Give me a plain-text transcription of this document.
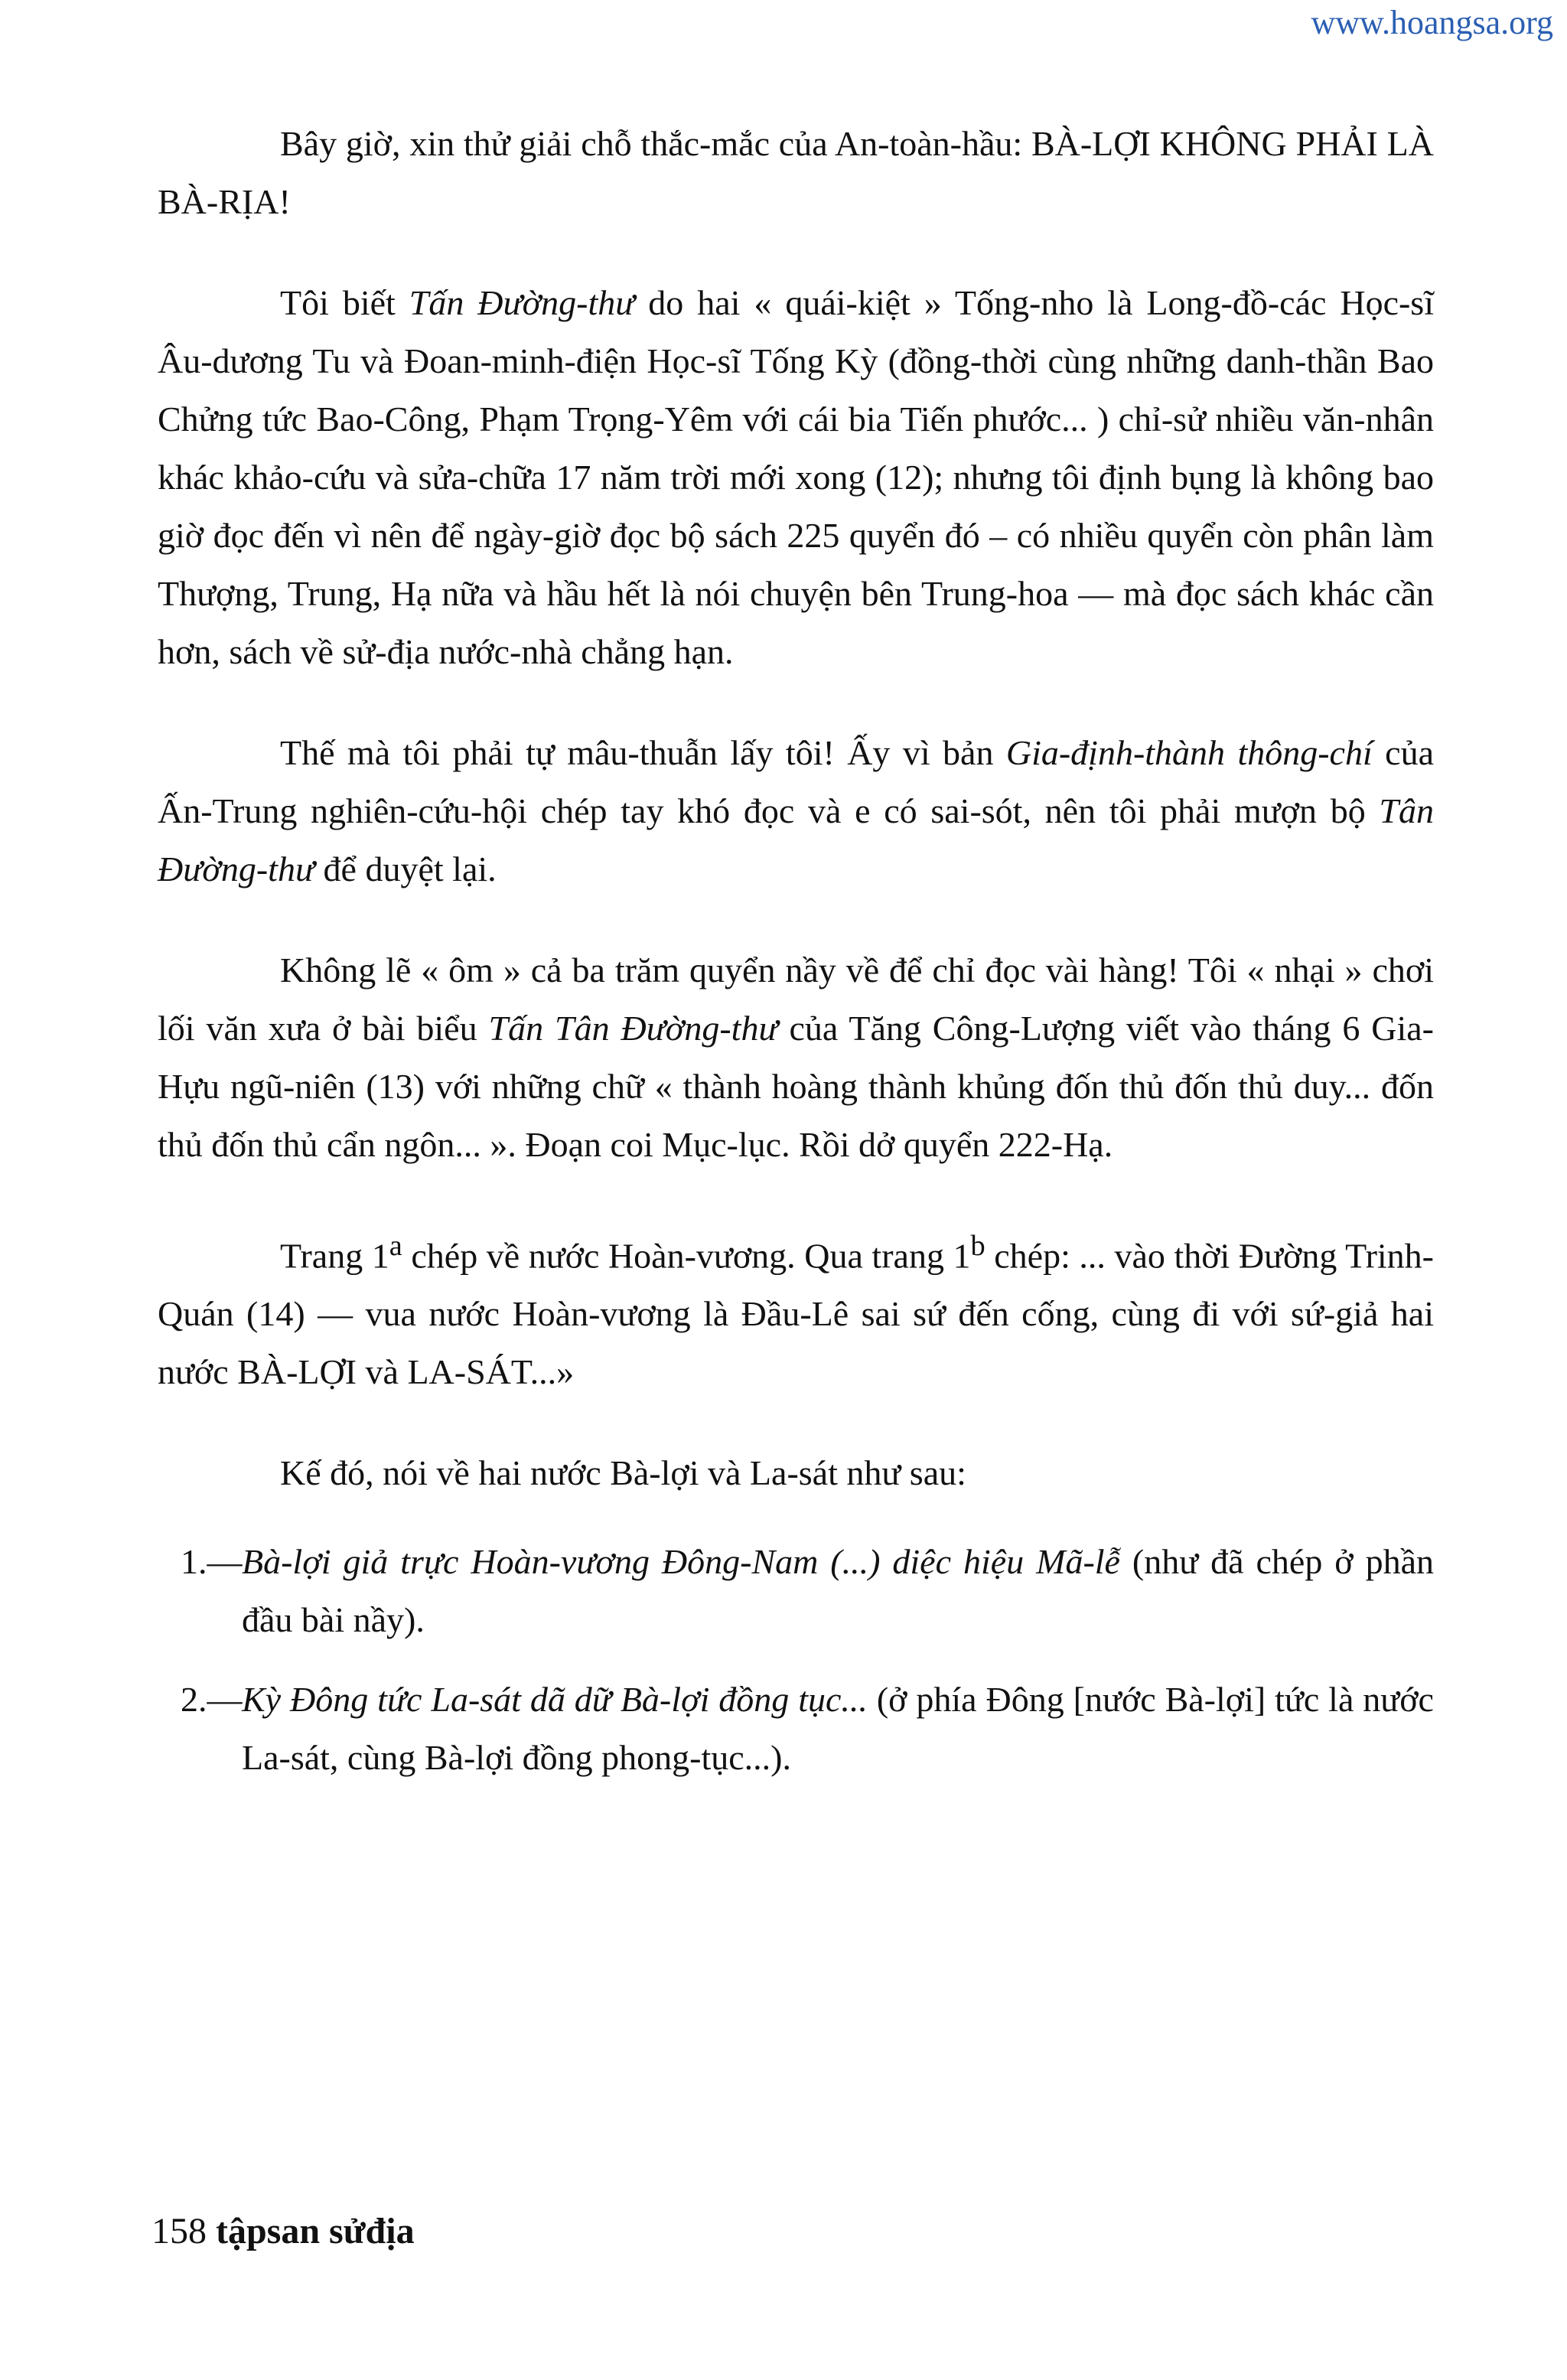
www.hoangsa.org

Bây giờ, xin thử giải chỗ thắc-mắc của An-toàn-hầu: BÀ-LỢI KHÔNG PHẢI LÀ BÀ-RỊA!

Tôi biết Tấn Đường-thư do hai « quái-kiệt » Tống-nho là Long-đồ-các Học-sĩ Âu-dương Tu và Đoan-minh-điện Học-sĩ Tống Kỳ (đồng-thời cùng những danh-thần Bao Chửng tức Bao-Công, Phạm Trọng-Yêm với cái bia Tiến phước... ) chỉ-sử nhiều văn-nhân khác khảo-cứu và sửa-chữa 17 năm trời mới xong (12); nhưng tôi định bụng là không bao giờ đọc đến vì nên để ngày-giờ đọc bộ sách 225 quyển đó – có nhiều quyển còn phân làm Thượng, Trung, Hạ nữa và hầu hết là nói chuyện bên Trung-hoa — mà đọc sách khác cần hơn, sách về sử-địa nước-nhà chẳng hạn.

Thế mà tôi phải tự mâu-thuẫn lấy tôi! Ấy vì bản Gia-định-thành thông-chí của Ấn-Trung nghiên-cứu-hội chép tay khó đọc và e có sai-sót, nên tôi phải mượn bộ Tân Đường-thư để duyệt lại.

Không lẽ « ôm » cả ba trăm quyển nầy về để chỉ đọc vài hàng! Tôi « nhại » chơi lối văn xưa ở bài biểu Tấn Tân Đường-thư của Tăng Công-Lượng viết vào tháng 6 Gia-Hựu ngũ-niên (13) với những chữ « thành hoàng thành khủng đốn thủ đốn thủ duy... đốn thủ đốn thủ cẩn ngôn... ». Đoạn coi Mục-lục. Rồi dở quyển 222-Hạ.

Trang 1$^a$ chép về nước Hoàn-vương. Qua trang 1$^b$ chép: ... vào thời Đường Trinh-Quán (14) — vua nước Hoàn-vương là Đầu-Lê sai sứ đến cống, cùng đi với sứ-giả hai nước BÀ-LỢI và LA-SÁT...»

Kế đó, nói về hai nước Bà-lợi và La-sát như sau:

1.— Bà-lợi giả trực Hoàn-vương Đông-Nam (...) diệc hiệu Mã-lễ (như đã chép ở phần đầu bài nầy).

2.— Kỳ Đông tức La-sát dã dữ Bà-lợi đồng tục... (ở phía Đông [nước Bà-lợi] tức là nước La-sát, cùng Bà-lợi đồng phong-tục...).

158 tậpsan sửđịa
